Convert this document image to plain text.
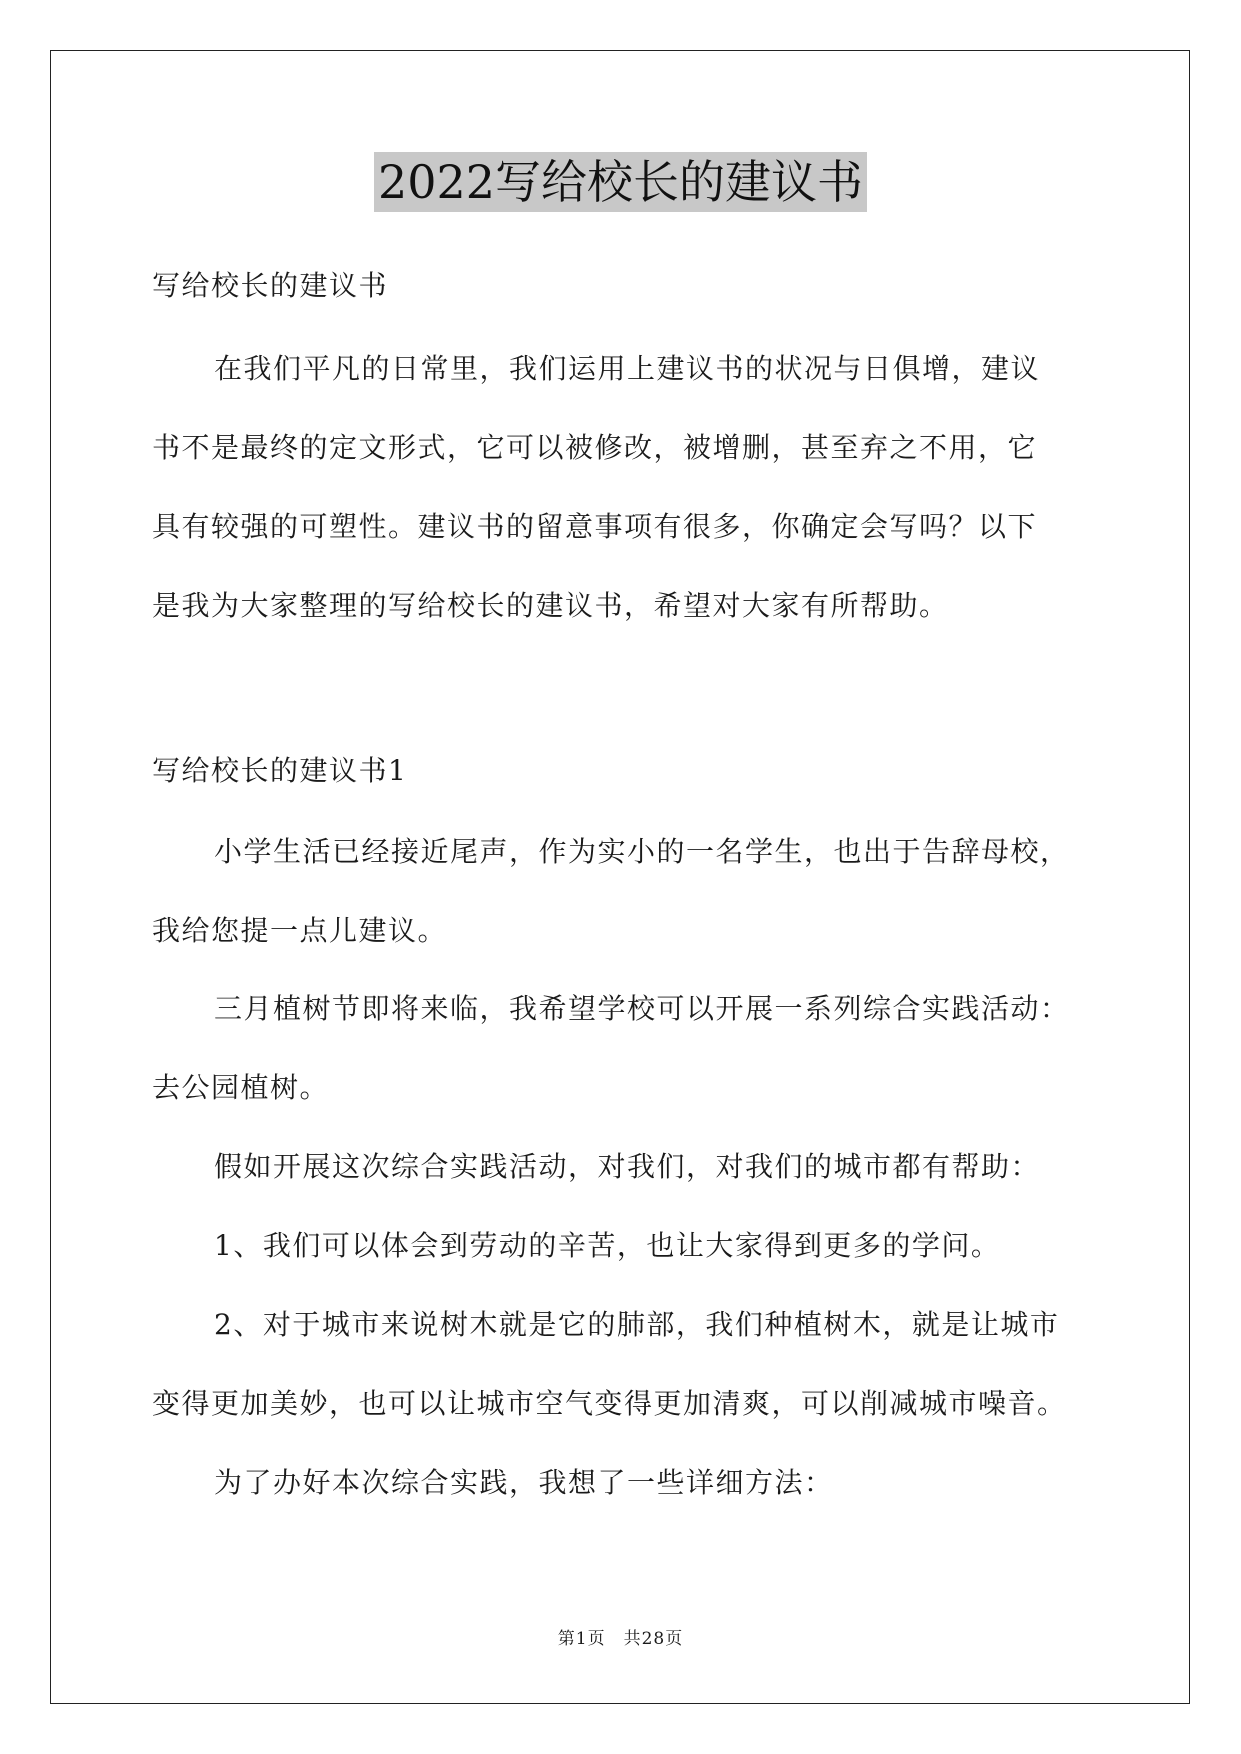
2022写给校长的建议书
写给校长的建议书
在我们平凡的日常里，我们运用上建议书的状况与日俱增，建议
书不是最终的定文形式，它可以被修改，被增删，甚至弃之不用，它
具有较强的可塑性。建议书的留意事项有很多，你确定会写吗？以下
是我为大家整理的写给校长的建议书，希望对大家有所帮助。
写给校长的建议书1
小学生活已经接近尾声，作为实小的一名学生，也出于告辞母校，
我给您提一点儿建议。
三月植树节即将来临，我希望学校可以开展一系列综合实践活动：
去公园植树。
假如开展这次综合实践活动，对我们，对我们的城市都有帮助：
1、我们可以体会到劳动的辛苦，也让大家得到更多的学问。
2、对于城市来说树木就是它的肺部，我们种植树木，就是让城市
变得更加美妙，也可以让城市空气变得更加清爽，可以削减城市噪音。
为了办好本次综合实践，我想了一些详细方法：
第1页　共28页
